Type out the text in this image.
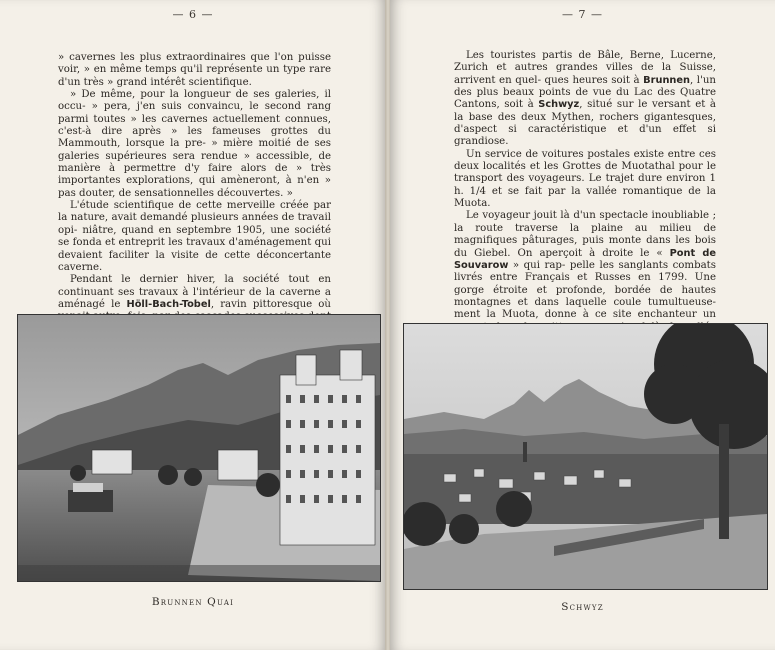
— 6 —

» cavernes les plus extraordinaires que l'on puisse voir, » en même temps qu'il représente un type rare d'un très » grand intérêt scientifique.

» De même, pour la longueur de ses galeries, il occu- » pera, j'en suis convaincu, le second rang parmi toutes » les cavernes actuellement connues, c'est-à dire après » les fameuses grottes du Mammouth, lorsque la pre- » mière moitié de ses galeries supérieures sera rendue » accessible, de manière à permettre d'y faire alors de » très importantes explorations, qui amèneront, à n'en » pas douter, de sensationnelles découvertes. »

L'étude scientifique de cette merveille créée par la nature, avait demandé plusieurs années de travail opi- niâtre, quand en septembre 1905, une société se fonda et entreprit les travaux d'aménagement qui devaient faciliter la visite de cette déconcertante caverne.

Pendant le dernier hiver, la société tout en continuant ses travaux à l'intérieur de la caverne a aménagé le Höll-Bach-Tobel, ravin pittoresque où

Brunnen Quai
— 7 —

Les touristes partis de Bâle, Berne, Lucerne, Zurich et autres grandes villes de la Suisse, arrivent en quel- ques heures soit à Brunnen, l'un des plus beaux points de vue du Lac des Quatre Cantons, soit à Schwyz, situé sur le versant et à la base des deux Mythen, rochers gigantesques, d'aspect si caractéristique et d'un effet si grandiose.

Un service de voitures postales existe entre ces deux localités et les Grottes de Muotathal pour le transport des voyageurs. Le trajet dure environ 1 h. 1/4 et se fait par la vallée romantique de la Muota.

Le voyageur jouit là d'un spectacle inoubliable ; la route traverse la plaine au milieu de magnifiques pâturages, puis monte dans les bois du Giebel. On aperçoit à droite le « Pont de Souvarow » qui rap- pelle les sanglants combats livrés entre Français et Russes en 1799. Une gorge étroite et profonde, bordée de hautes montagnes et dans laquelle coule tumultueuse- ment la Muota, donne à ce site enchanteur un

Schwyz
